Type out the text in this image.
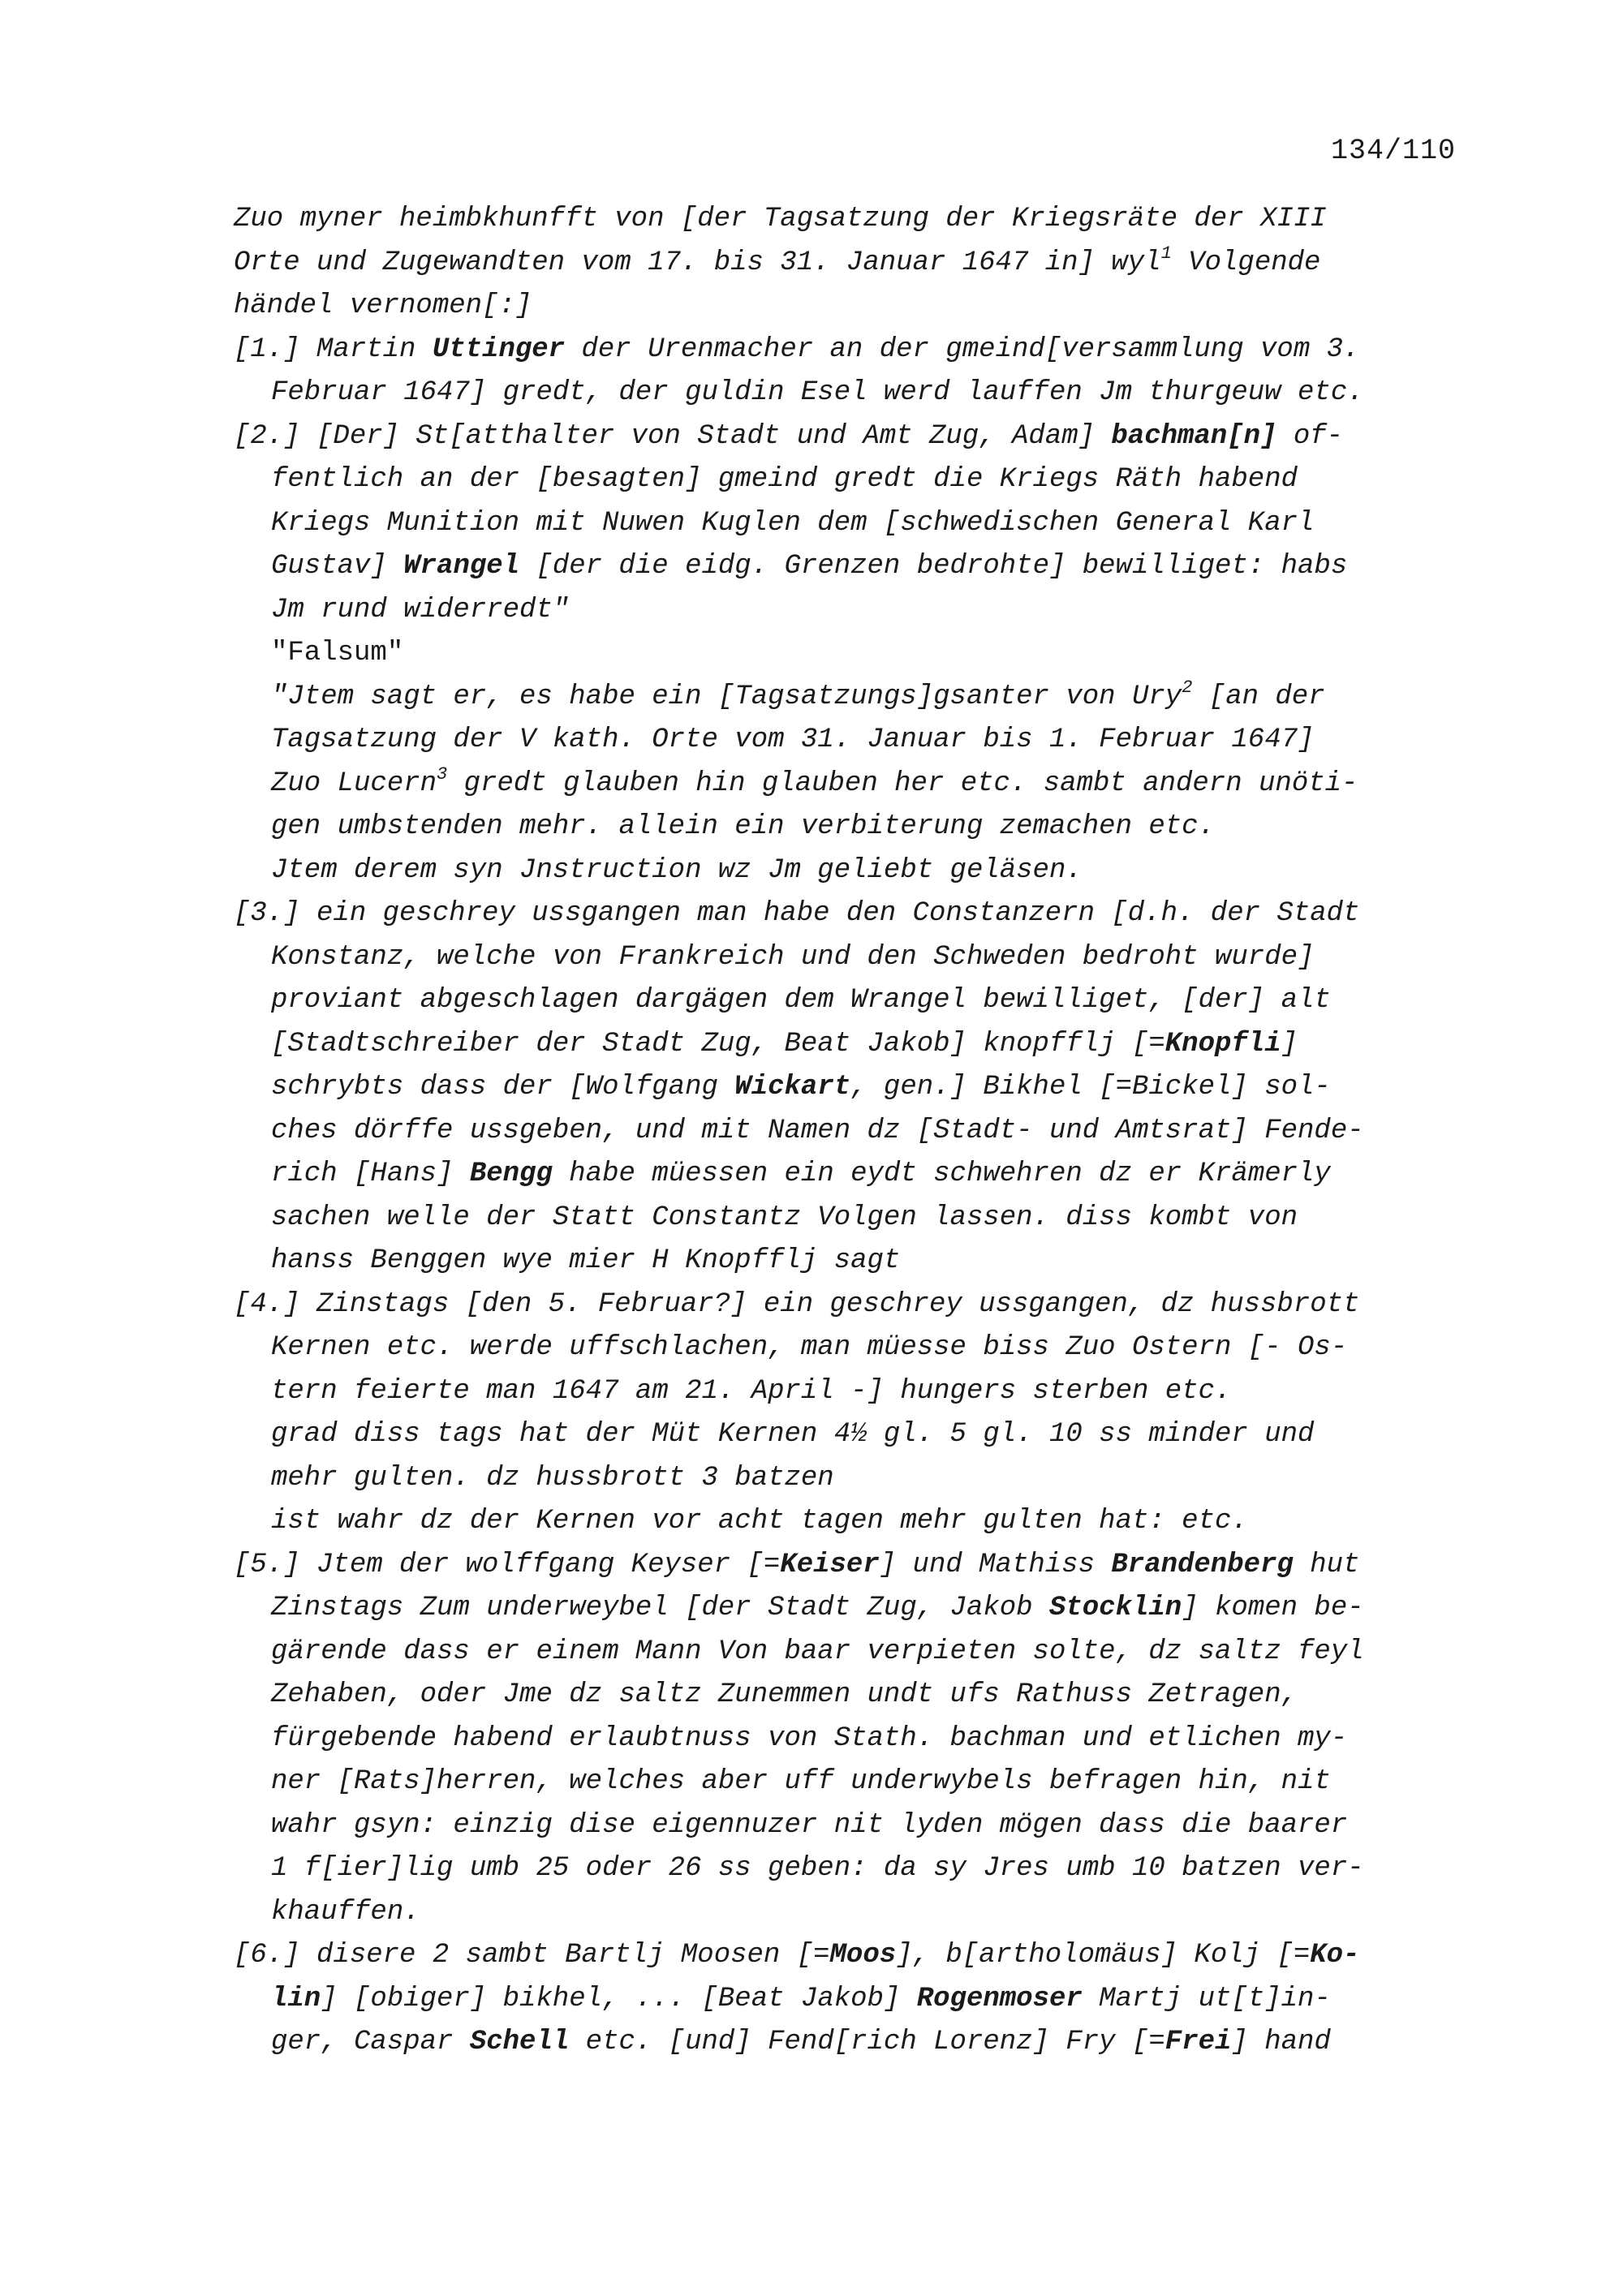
134/110
Zuo myner heimbkhunfft von [der Tagsatzung der Kriegsräte der XIII
Orte und Zugewandten vom 17. bis 31. Januar 1647 in] wyl$^1$ Volgende
händel vernomen[:]
[1.] Martin Uttinger der Urenmacher an der gmeind[versammlung vom 3.
Februar 1647] gredt, der guldin Esel werd lauffen Jm thurgeuw etc.
[2.] [Der] St[atthalter von Stadt und Amt Zug, Adam] bachman[n] of-
fentlich an der [besagten] gmeind gredt die Kriegs Räth habend
Kriegs Munition mit Nuwen Kuglen dem [schwedischen General Karl
Gustav] Wrangel [der die eidg. Grenzen bedrohte] bewilliget: habs
Jm rund widerredt"
"Falsum"
"Jtem sagt er, es habe ein [Tagsatzungs]gsanter von Ury$^2$ [an der
Tagsatzung der V kath. Orte vom 31. Januar bis 1. Februar 1647]
Zuo Lucern$^3$ gredt glauben hin glauben her etc. sambt andern unöti-
gen umbstenden mehr. allein ein verbiterung zemachen etc.
Jtem derem syn Jnstruction wz Jm geliebt geläsen.
[3.] ein geschrey ussgangen man habe den Constanzern [d.h. der Stadt
Konstanz, welche von Frankreich und den Schweden bedroht wurde]
proviant abgeschlagen dargägen dem Wrangel bewilliget, [der] alt
[Stadtschreiber der Stadt Zug, Beat Jakob] knopfflj [=Knopfli]
schrybts dass der [Wolfgang Wickart, gen.] Bikhel [=Bickel] sol-
ches dörffe ussgeben, und mit Namen dz [Stadt- und Amtsrat] Fende-
rich [Hans] Bengg habe müessen ein eydt schwehren dz er Krämerly
sachen welle der Statt Constantz Volgen lassen. diss kombt von
hanss Benggen wye mier H Knopfflj sagt
[4.] Zinstags [den 5. Februar?] ein geschrey ussgangen, dz hussbrott
Kernen etc. werde uffschlachen, man müesse biss Zuo Ostern [- Os-
tern feierte man 1647 am 21. April -] hungers sterben etc.
grad diss tags hat der Müt Kernen 4½ gl. 5 gl. 10 ss minder und
mehr gulten. dz hussbrott 3 batzen
ist wahr dz der Kernen vor acht tagen mehr gulten hat: etc.
[5.] Jtem der wolffgang Keyser [=Keiser] und Mathiss Brandenberg hut
Zinstags Zum underweybel [der Stadt Zug, Jakob Stocklin] komen be-
gärende dass er einem Mann Von baar verpieten solte, dz saltz feyl
Zehaben, oder Jme dz saltz Zunemmen undt ufs Rathuss Zetragen,
fürgebende habend erlaubtnuss von Stath. bachman und etlichen my-
ner [Rats]herren, welches aber uff underwybels befragen hin, nit
wahr gsyn: einzig dise eigennuzer nit lyden mögen dass die baarer
1 f[ier]lig umb 25 oder 26 ss geben: da sy Jres umb 10 batzen ver-
khauffen.
[6.] disere 2 sambt Bartlj Moosen [=Moos], b[artholomäus] Kolj [=Ko-
lin] [obiger] bikhel, ... [Beat Jakob] Rogenmoser Martj ut[t]in-
ger, Caspar Schell etc. [und] Fend[rich Lorenz] Fry [=Frei] hand
